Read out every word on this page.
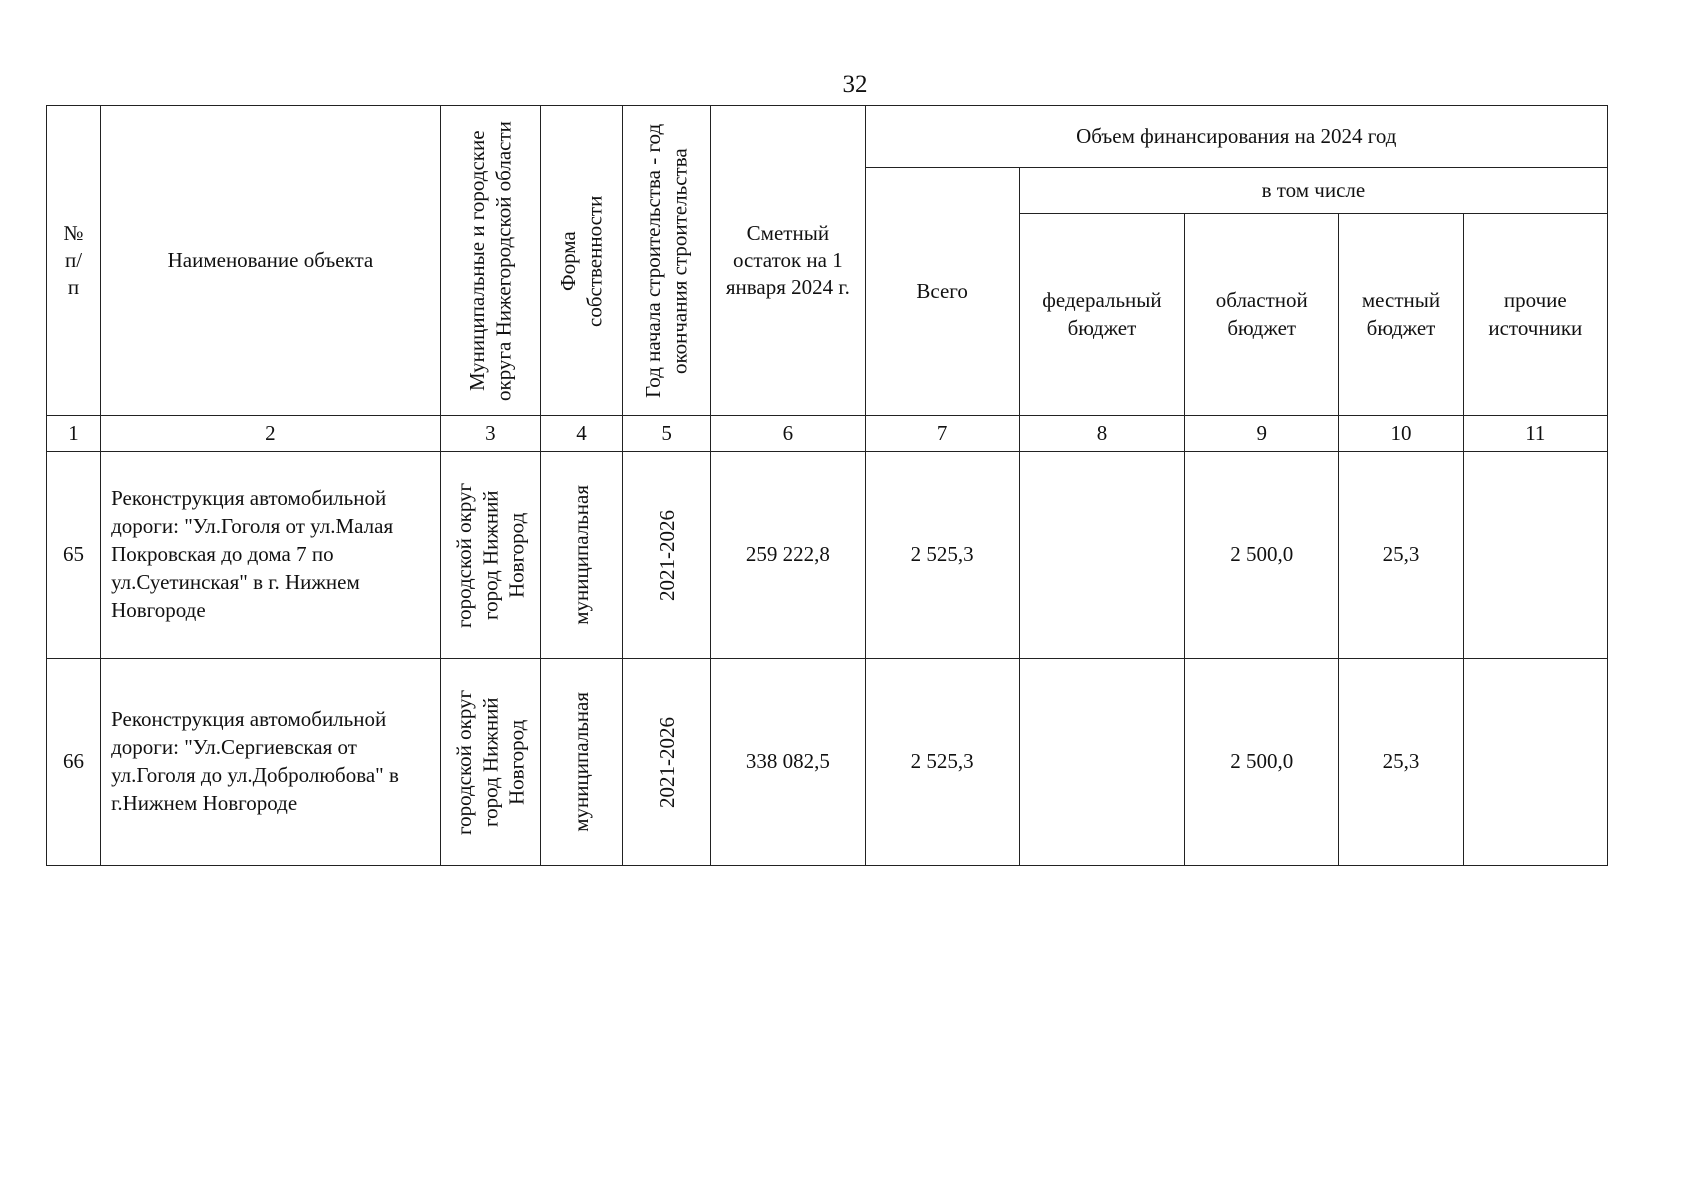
32
№ п/ п	Наименование объекта	Муниципальные и городские округа Нижегородской области	Форма собственности	Год начала строительства - год окончания строительства	Сметный остаток на 1 января 2024 г.	Объем финансирования на 2024 год				
						Всего	в том числе			
							федеральный бюджет	областной бюджет	местный бюджет	прочие источники
1	2	3	4	5	6	7	8	9	10	11
65	Реконструкция автомобильной дороги: "Ул.Гоголя от ул.Малая Покровская до дома 7 по ул.Суетинская" в г. Нижнем Новгороде	городской округ город Нижний Новгород	муниципальная	2021-2026	259 222,8	2 525,3		2 500,0	25,3	
66	Реконструкция автомобильной дороги: "Ул.Сергиевская от ул.Гоголя до ул.Добролюбова" в г.Нижнем Новгороде	городской округ город Нижний Новгород	муниципальная	2021-2026	338 082,5	2 525,3		2 500,0	25,3	
